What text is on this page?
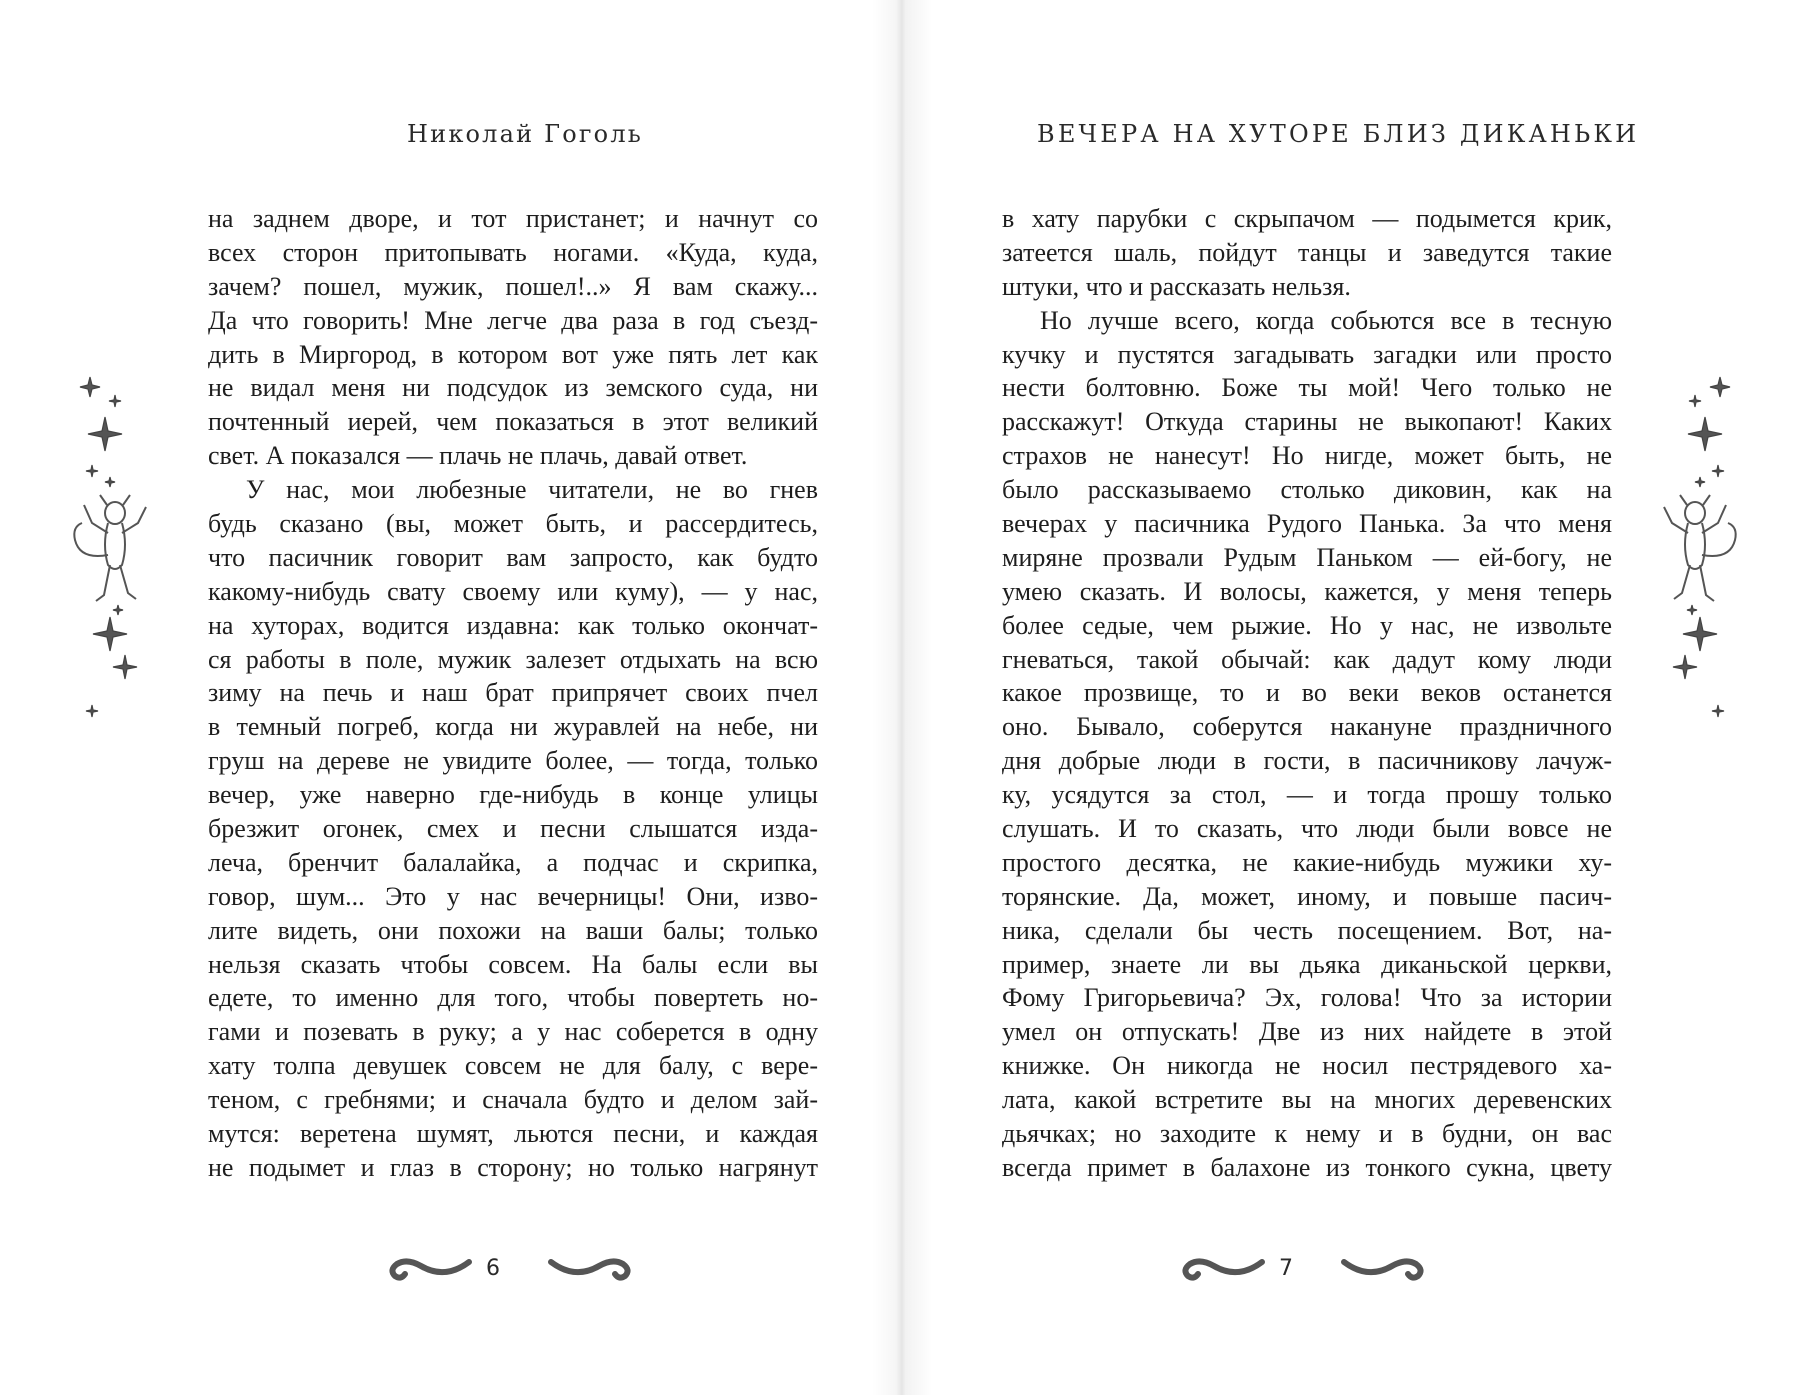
Николай Гоголь
на заднем дворе, и тот пристанет; и начнут со
всех сторон притопывать ногами. «Куда, куда,
зачем? пошел, мужик, пошел!..» Я вам скажу...
Да что говорить! Мне легче два раза в год съезд-
дить в Миргород, в котором вот уже пять лет как
не видал меня ни подсудок из земского суда, ни
почтенный иерей, чем показаться в этот великий
свет. А показался — плачь не плачь, давай ответ.
У нас, мои любезные читатели, не во гнев
будь сказано (вы, может быть, и рассердитесь,
что пасичник говорит вам запросто, как будто
какому-нибудь свату своему или куму), — у нас,
на хуторах, водится издавна: как только окончат-
ся работы в поле, мужик залезет отдыхать на всю
зиму на печь и наш брат припрячет своих пчел
в темный погреб, когда ни журавлей на небе, ни
груш на дереве не увидите более, — тогда, только
вечер, уже наверно где-нибудь в конце улицы
брезжит огонек, смех и песни слышатся изда-
леча, бренчит балалайка, а подчас и скрипка,
говор, шум... Это у нас вечерницы! Они, изво-
лите видеть, они похожи на ваши балы; только
нельзя сказать чтобы совсем. На балы если вы
едете, то именно для того, чтобы повертеть но-
гами и позевать в руку; а у нас соберется в одну
хату толпа девушек совсем не для балу, с вере-
теном, с гребнями; и сначала будто и делом зай-
мутся: веретена шумят, льются песни, и каждая
не подымет и глаз в сторону; но только нагрянут
6
ВЕЧЕРА НА ХУТОРЕ БЛИЗ ДИКАНЬКИ
в хату парубки с скрыпачом — подымется крик,
затеется шаль, пойдут танцы и заведутся такие
штуки, что и рассказать нельзя.
Но лучше всего, когда собьются все в тесную
кучку и пустятся загадывать загадки или просто
нести болтовню. Боже ты мой! Чего только не
расскажут! Откуда старины не выкопают! Каких
страхов не нанесут! Но нигде, может быть, не
было рассказываемо столько диковин, как на
вечерах у пасичника Рудого Панька. За что меня
миряне прозвали Рудым Паньком — ей-богу, не
умею сказать. И волосы, кажется, у меня теперь
более седые, чем рыжие. Но у нас, не извольте
гневаться, такой обычай: как дадут кому люди
какое прозвище, то и во веки веков останется
оно. Бывало, соберутся накануне праздничного
дня добрые люди в гости, в пасичникову лачуж-
ку, усядутся за стол, — и тогда прошу только
слушать. И то сказать, что люди были вовсе не
простого десятка, не какие-нибудь мужики ху-
торянские. Да, может, иному, и повыше пасич-
ника, сделали бы честь посещением. Вот, на-
пример, знаете ли вы дьяка диканьской церкви,
Фому Григорьевича? Эх, голова! Что за истории
умел он отпускать! Две из них найдете в этой
книжке. Он никогда не носил пестрядевого ха-
лата, какой встретите вы на многих деревенских
дьячках; но заходите к нему и в будни, он вас
всегда примет в балахоне из тонкого сукна, цвету
7
